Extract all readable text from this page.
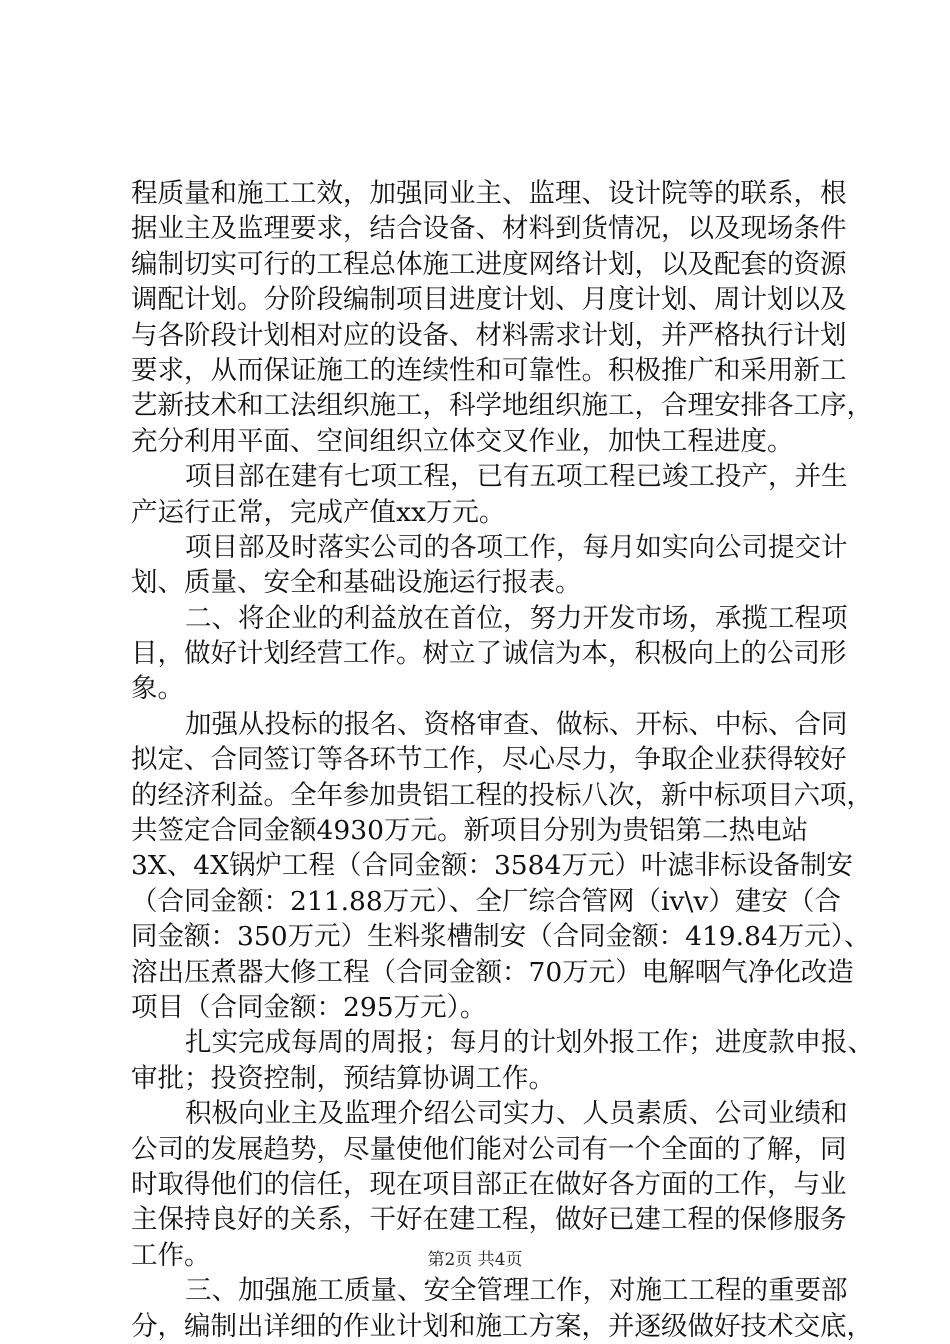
程质量和施工工效，加强同业主、监理、设计院等的联系，根
据业主及监理要求，结合设备、材料到货情况，以及现场条件
编制切实可行的工程总体施工进度网络计划，以及配套的资源
调配计划。分阶段编制项目进度计划、月度计划、周计划以及
与各阶段计划相对应的设备、材料需求计划，并严格执行计划
要求，从而保证施工的连续性和可靠性。积极推广和采用新工
艺新技术和工法组织施工，科学地组织施工，合理安排各工序，
充分利用平面、空间组织立体交叉作业，加快工程进度。
项目部在建有七项工程，已有五项工程已竣工投产，并生
产运行正常，完成产值xx万元。
项目部及时落实公司的各项工作，每月如实向公司提交计
划、质量、安全和基础设施运行报表。
二、将企业的利益放在首位，努力开发市场，承揽工程项
目，做好计划经营工作。树立了诚信为本，积极向上的公司形
象。
加强从投标的报名、资格审查、做标、开标、中标、合同
拟定、合同签订等各环节工作，尽心尽力，争取企业获得较好
的经济利益。全年参加贵铝工程的投标八次，新中标项目六项，
共签定合同金额4930万元。新项目分别为贵铝第二热电站
3X、4X锅炉工程（合同金额：3584万元）叶滤非标设备制安
（合同金额：211.88万元）、全厂综合管网（iv\v）建安（合
同金额：350万元）生料浆槽制安（合同金额：419.84万元）、
溶出压煮器大修工程（合同金额：70万元）电解咽气净化改造
项目（合同金额：295万元）。
扎实完成每周的周报；每月的计划外报工作；进度款申报、
审批；投资控制，预结算协调工作。
积极向业主及监理介绍公司实力、人员素质、公司业绩和
公司的发展趋势，尽量使他们能对公司有一个全面的了解，同
时取得他们的信任，现在项目部正在做好各方面的工作，与业
主保持良好的关系，干好在建工程，做好已建工程的保修服务
工作。
三、加强施工质量、安全管理工作，对施工工程的重要部
分，编制出详细的作业计划和施工方案，并逐级做好技术交底，
第2页 共4页
